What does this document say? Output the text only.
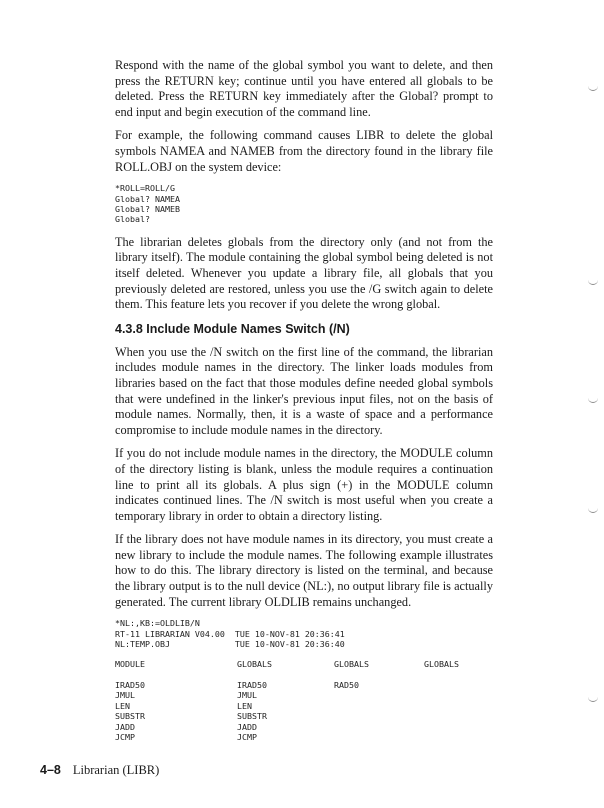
Respond with the name of the global symbol you want to delete, and then press the RETURN key; continue until you have entered all globals to be deleted. Press the RETURN key immediately after the Global? prompt to end input and begin execution of the command line.

For example, the following command causes LIBR to delete the global symbols NAMEA and NAMEB from the directory found in the library file ROLL.OBJ on the system device:

*ROLL=ROLL/G
Global? NAMEA
Global? NAMEB
Global?

The librarian deletes globals from the directory only (and not from the library itself). The module containing the global symbol being deleted is not itself deleted. Whenever you update a library file, all globals that you previously deleted are restored, unless you use the /G switch again to delete them. This feature lets you recover if you delete the wrong global.

4.3.8 Include Module Names Switch (/N)

When you use the /N switch on the first line of the command, the librarian includes module names in the directory. The linker loads modules from libraries based on the fact that those modules define needed global symbols that were undefined in the linker's previous input files, not on the basis of module names. Normally, then, it is a waste of space and a performance compromise to include module names in the directory.

If you do not include module names in the directory, the MODULE column of the directory listing is blank, unless the module requires a continuation line to print all its globals. A plus sign (+) in the MODULE column indicates continued lines. The /N switch is most useful when you create a temporary library in order to obtain a directory listing.

If the library does not have module names in its directory, you must create a new library to include the module names. The following example illustrates how to do this. The library directory is listed on the terminal, and because the library output is to the null device (NL:), no output library file is actually generated. The current library OLDLIB remains unchanged.

*NL:,KB:=OLDLIB/N
RT-11 LIBRARIAN V04.00  TUE 10-NOV-81 20:36:41
NL:TEMP.OBJ             TUE 10-NOV-81 20:36:40
MODULE	GLOBALS	GLOBALS	GLOBALS
IRAD50	IRAD50	RAD50
JMUL	JMUL
LEN	LEN
SUBSTR	SUBSTR
JADD	JADD
JCMP	JCMP
4–8 Librarian (LIBR)
